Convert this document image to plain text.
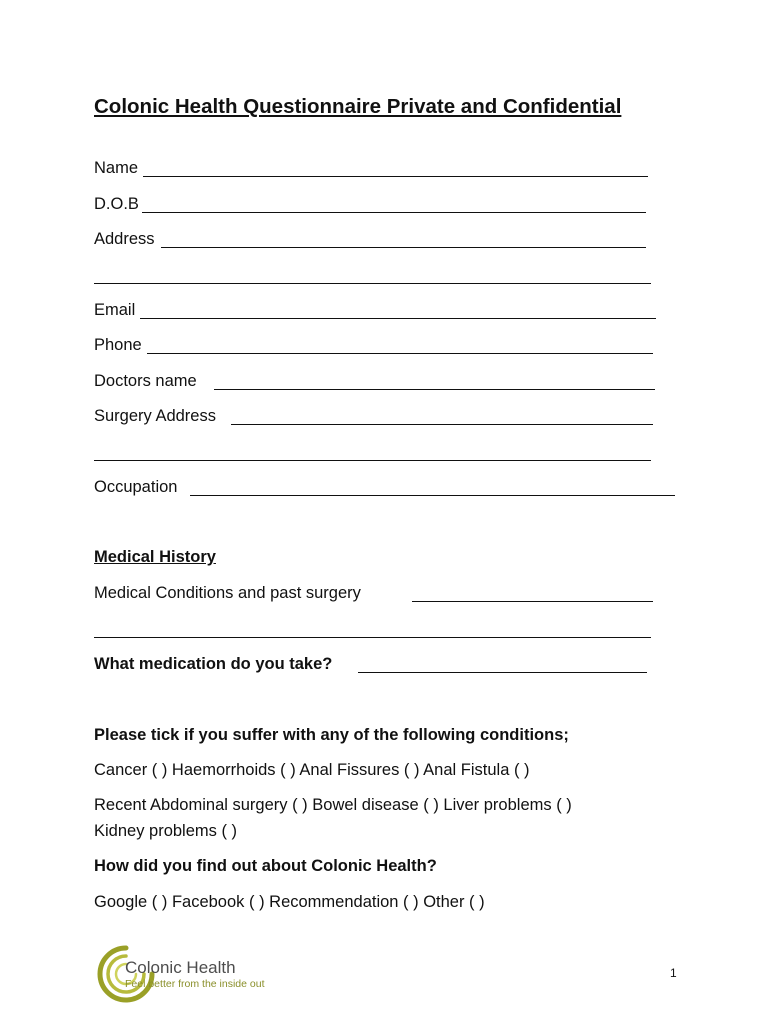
Colonic Health Questionnaire Private and Confidential
Name
D.O.B
Address
Email
Phone
Doctors name
Surgery Address
Occupation
Medical History
Medical Conditions and past surgery
What medication do you take?
Please tick if you suffer with any of the following conditions;
Cancer ( ) Haemorrhoids ( ) Anal Fissures ( ) Anal Fistula ( )
Recent Abdominal surgery ( ) Bowel disease ( ) Liver problems ( )
Kidney problems ( )
How did you find out about Colonic Health?
Google ( ) Facebook ( ) Recommendation ( ) Other ( )
Colonic Health
Feel better from the inside out
1
